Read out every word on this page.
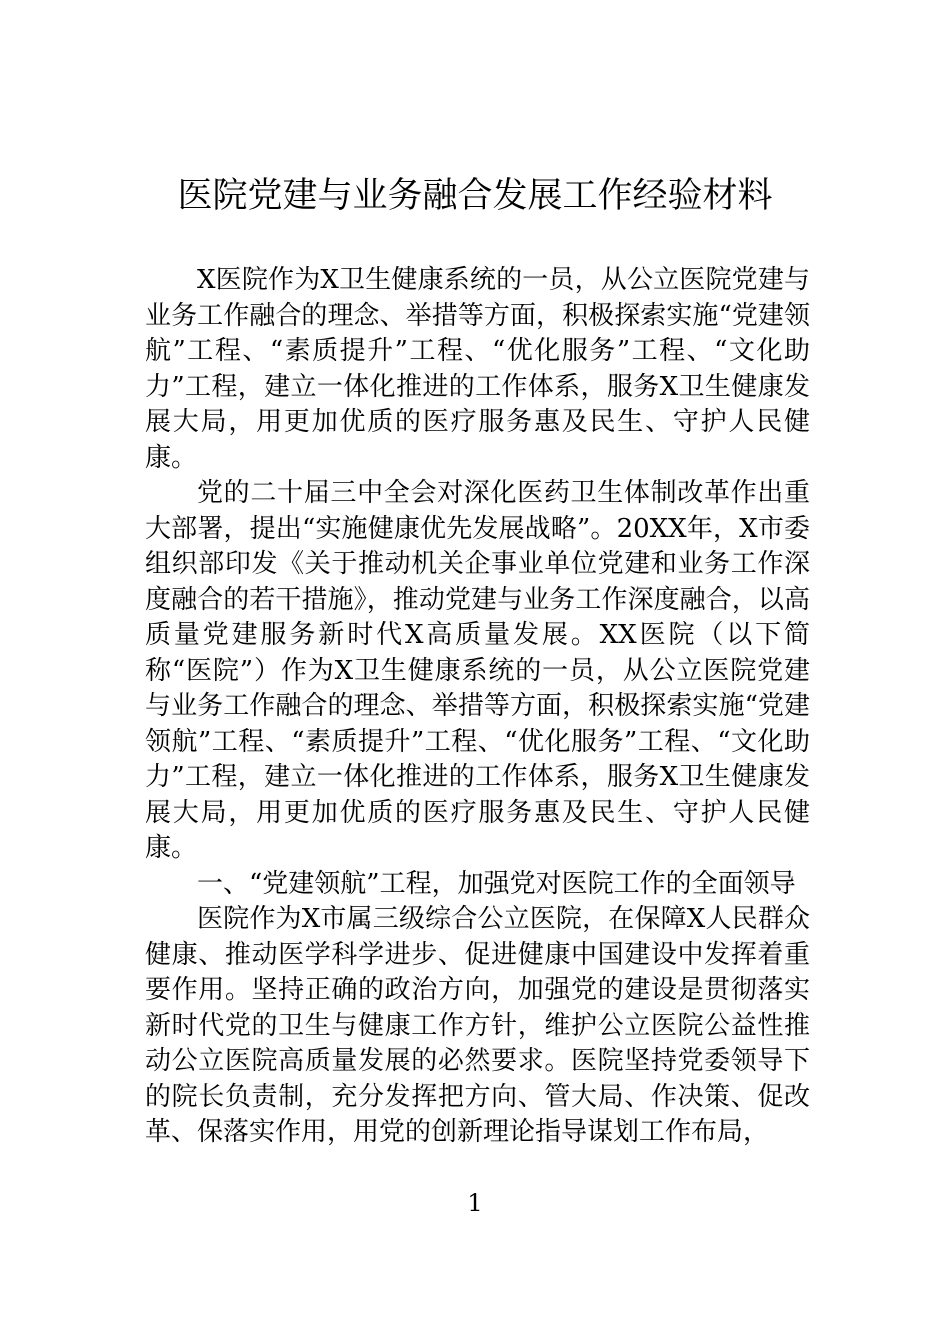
医院党建与业务融合发展工作经验材料

X医院作为X卫生健康系统的一员，从公立医院党建与业务工作融合的理念、举措等方面，积极探索实施“党建领航”工程、“素质提升”工程、“优化服务”工程、“文化助力”工程，建立一体化推进的工作体系，服务X卫生健康发展大局，用更加优质的医疗服务惠及民生、守护人民健康。

党的二十届三中全会对深化医药卫生体制改革作出重大部署，提出“实施健康优先发展战略”。20XX年，X市委组织部印发《关于推动机关企事业单位党建和业务工作深度融合的若干措施》，推动党建与业务工作深度融合，以高质量党建服务新时代X高质量发展。XX医院（以下简称“医院”）作为X卫生健康系统的一员，从公立医院党建与业务工作融合的理念、举措等方面，积极探索实施“党建领航”工程、“素质提升”工程、“优化服务”工程、“文化助力”工程，建立一体化推进的工作体系，服务X卫生健康发展大局，用更加优质的医疗服务惠及民生、守护人民健康。

一、“党建领航”工程，加强党对医院工作的全面领导

医院作为X市属三级综合公立医院，在保障X人民群众健康、推动医学科学进步、促进健康中国建设中发挥着重要作用。坚持正确的政治方向，加强党的建设是贯彻落实新时代党的卫生与健康工作方针，维护公立医院公益性推动公立医院高质量发展的必然要求。医院坚持党委领导下的院长负责制，充分发挥把方向、管大局、作决策、促改革、保落实作用，用党的创新理论指导谋划工作布局，

1
